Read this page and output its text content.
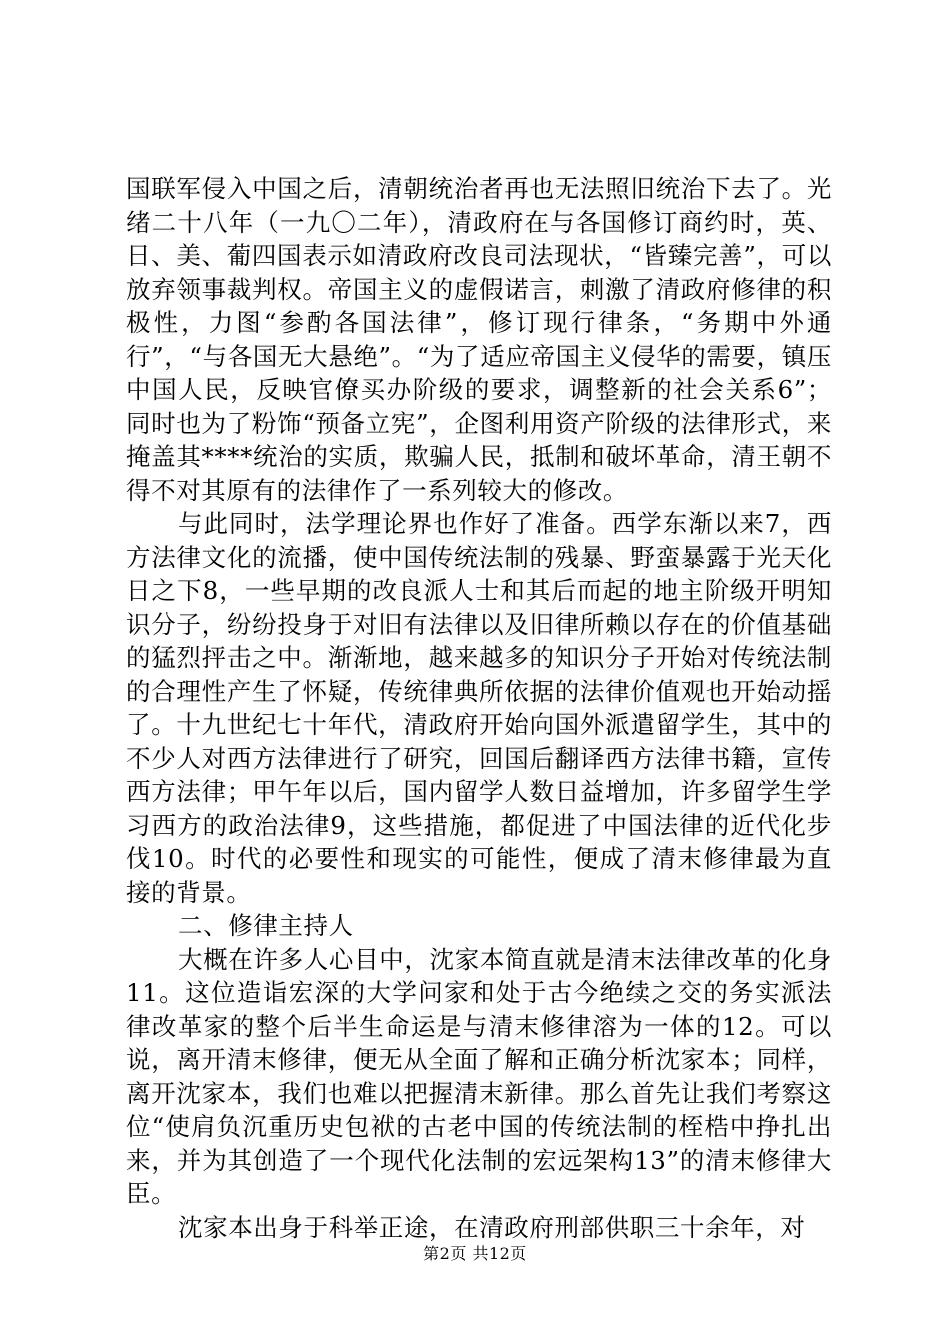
国联军侵入中国之后，清朝统治者再也无法照旧统治下去了。光绪二十八年（一九〇二年），清政府在与各国修订商约时，英、日、美、葡四国表示如清政府改良司法现状，“皆臻完善”，可以放弃领事裁判权。帝国主义的虚假诺言，刺激了清政府修律的积极性，力图“参酌各国法律”，修订现行律条，“务期中外通行”，“与各国无大悬绝”。“为了适应帝国主义侵华的需要，镇压中国人民，反映官僚买办阶级的要求，调整新的社会关系6”；同时也为了粉饰“预备立宪”，企图利用资产阶级的法律形式，来掩盖其****统治的实质，欺骗人民，抵制和破坏革命，清王朝不得不对其原有的法律作了一系列较大的修改。

与此同时，法学理论界也作好了准备。西学东渐以来7，西方法律文化的流播，使中国传统法制的残暴、野蛮暴露于光天化日之下8，一些早期的改良派人士和其后而起的地主阶级开明知识分子，纷纷投身于对旧有法律以及旧律所赖以存在的价值基础的猛烈抨击之中。渐渐地，越来越多的知识分子开始对传统法制的合理性产生了怀疑，传统律典所依据的法律价值观也开始动摇了。十九世纪七十年代，清政府开始向国外派遣留学生，其中的不少人对西方法律进行了研究，回国后翻译西方法律书籍，宣传西方法律；甲午年以后，国内留学人数日益增加，许多留学生学习西方的政治法律9，这些措施，都促进了中国法律的近代化步伐10。时代的必要性和现实的可能性，便成了清末修律最为直接的背景。

二、修律主持人

大概在许多人心目中，沈家本简直就是清末法律改革的化身11。这位造诣宏深的大学问家和处于古今绝续之交的务实派法律改革家的整个后半生命运是与清末修律溶为一体的12。可以说，离开清末修律，便无从全面了解和正确分析沈家本；同样，离开沈家本，我们也难以把握清末新律。那么首先让我们考察这位“使肩负沉重历史包袱的古老中国的传统法制的桎梏中挣扎出来，并为其创造了一个现代化法制的宏远架构13”的清末修律大臣。

沈家本出身于科举正途，在清政府刑部供职三十余年，对

第2页 共12页
